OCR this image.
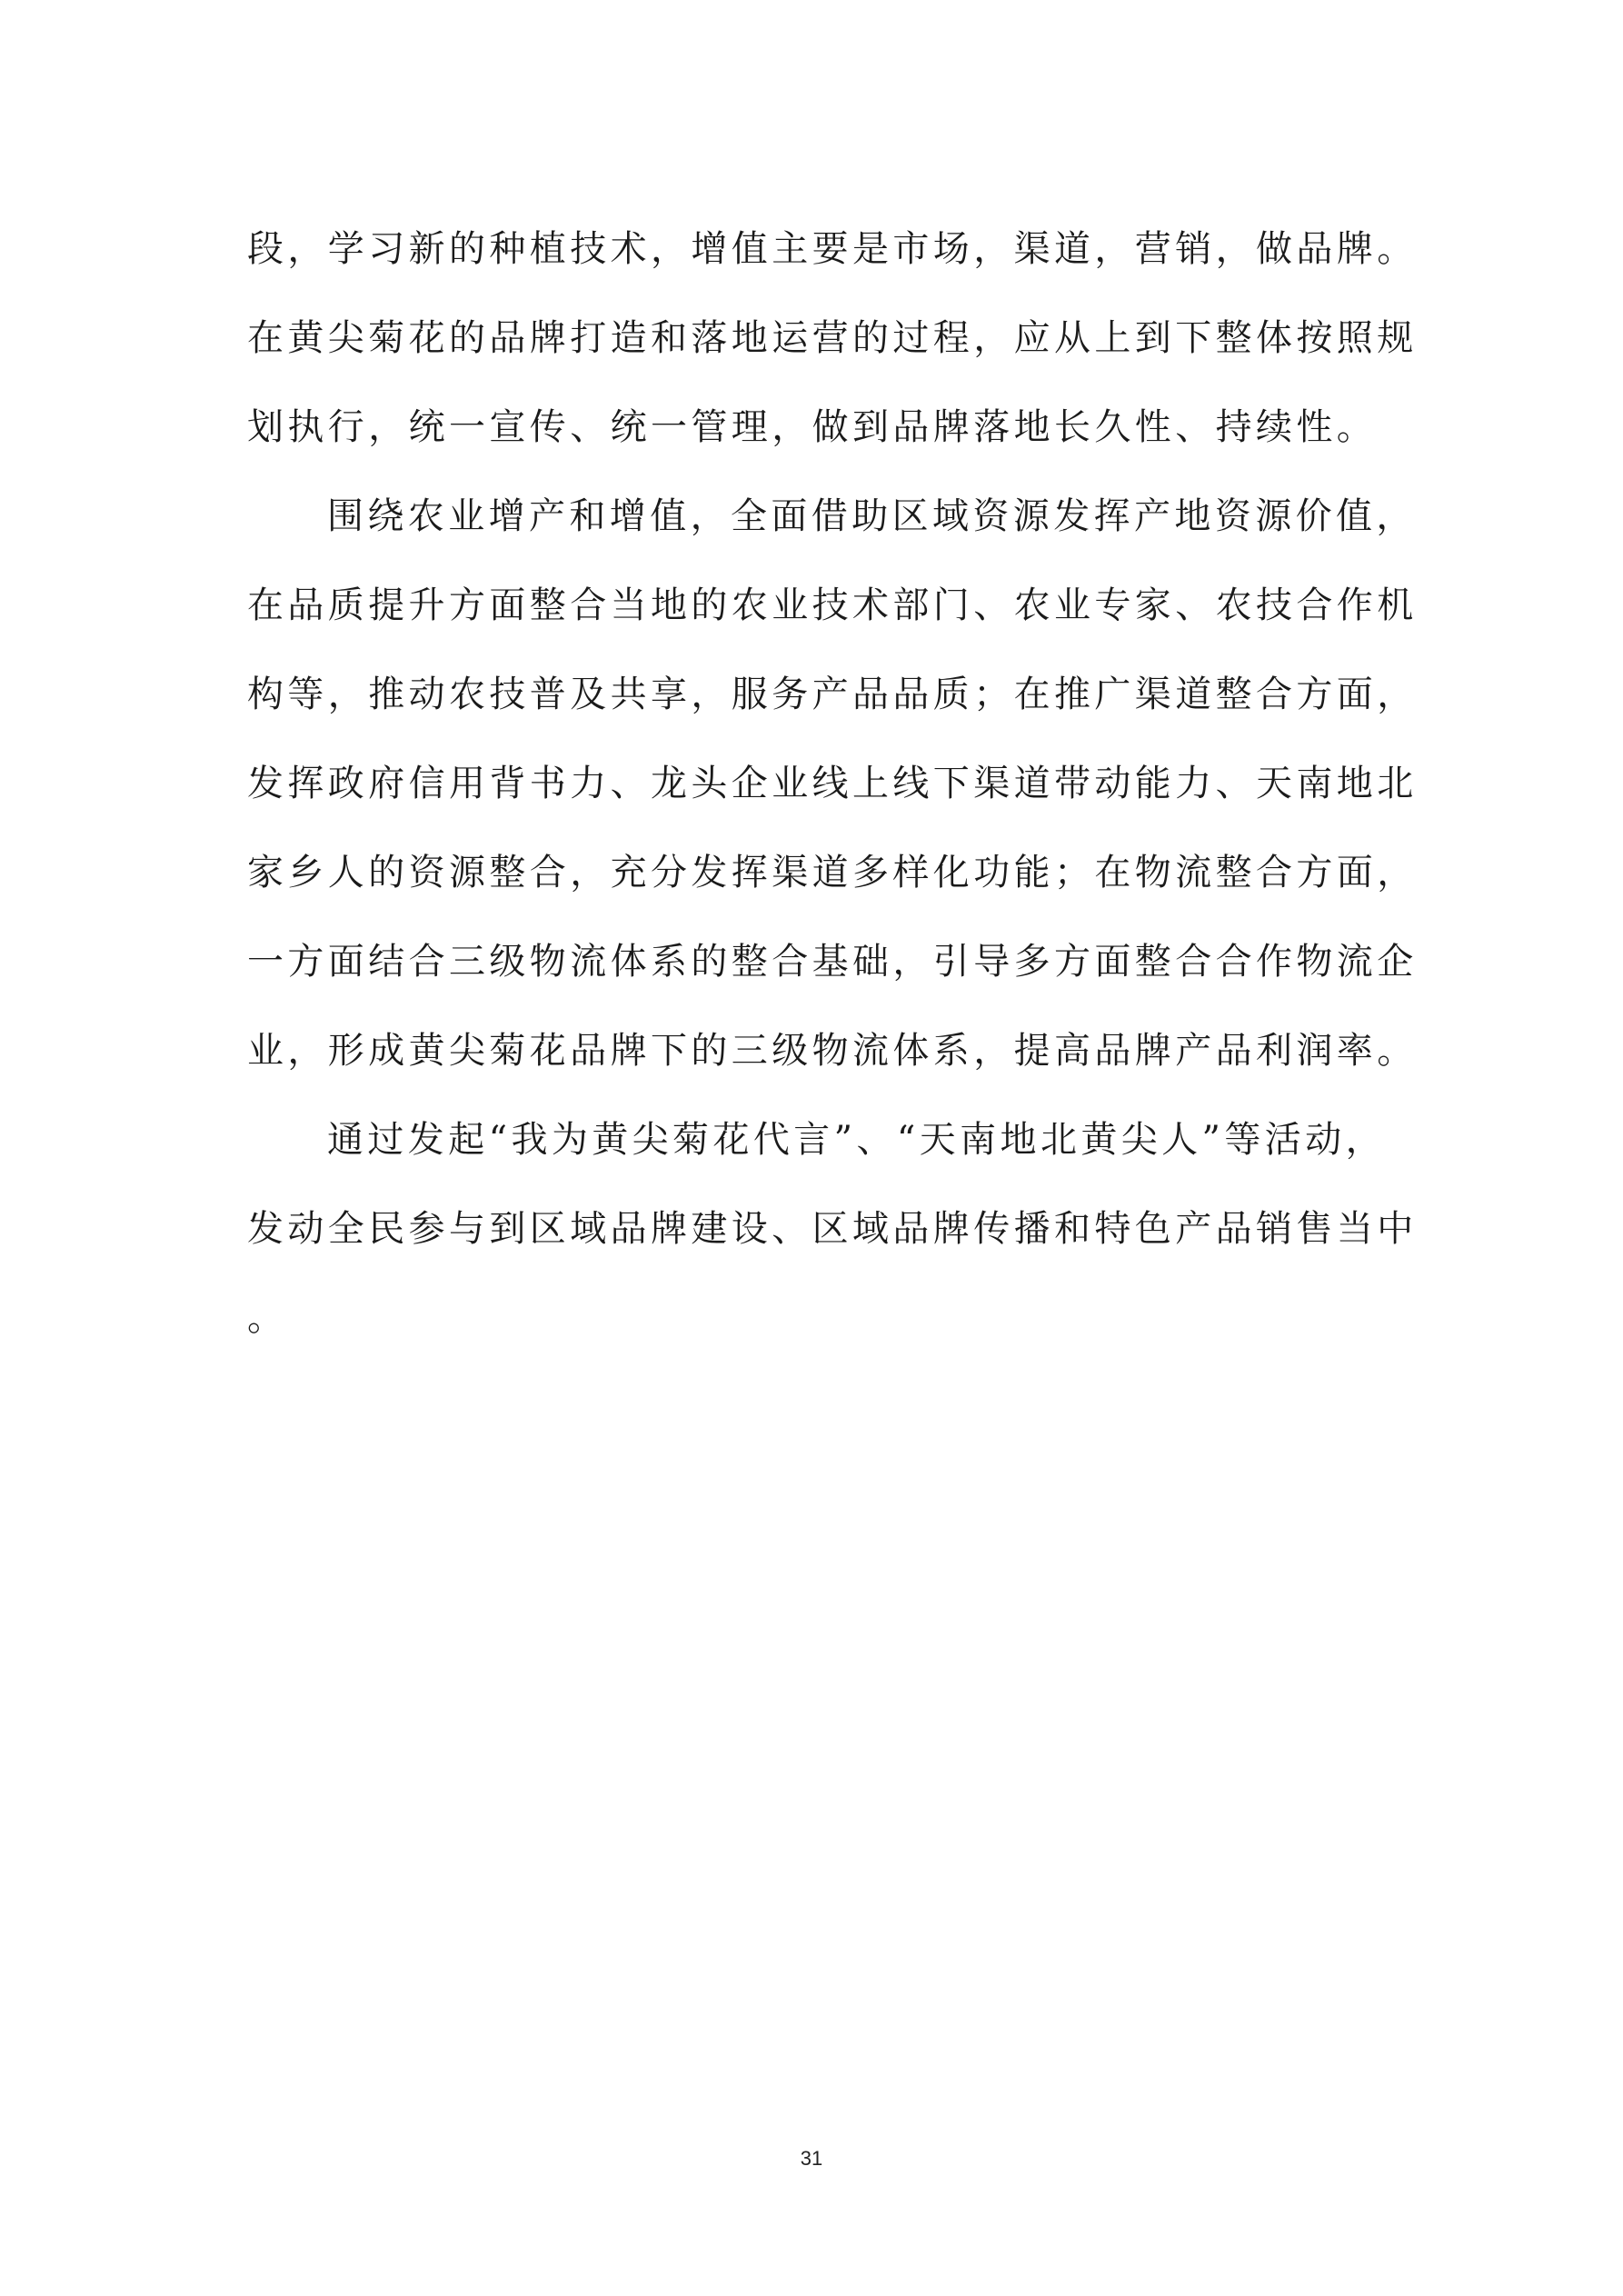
段，学习新的种植技术，增值主要是市场，渠道，营销，做品牌。
在黄尖菊花的品牌打造和落地运营的过程，应从上到下整体按照规
划执行，统一宣传、统一管理，做到品牌落地长久性、持续性。
围绕农业增产和增值，全面借助区域资源发挥产地资源价值，
在品质提升方面整合当地的农业技术部门、农业专家、农技合作机
构等，推动农技普及共享，服务产品品质；在推广渠道整合方面，
发挥政府信用背书力、龙头企业线上线下渠道带动能力、天南地北
家乡人的资源整合，充分发挥渠道多样化功能；在物流整合方面，
一方面结合三级物流体系的整合基础，引导多方面整合合作物流企
业，形成黄尖菊花品牌下的三级物流体系，提高品牌产品利润率。
通过发起“我为黄尖菊花代言”、“天南地北黄尖人”等活动，
发动全民参与到区域品牌建设、区域品牌传播和特色产品销售当中
。
31
